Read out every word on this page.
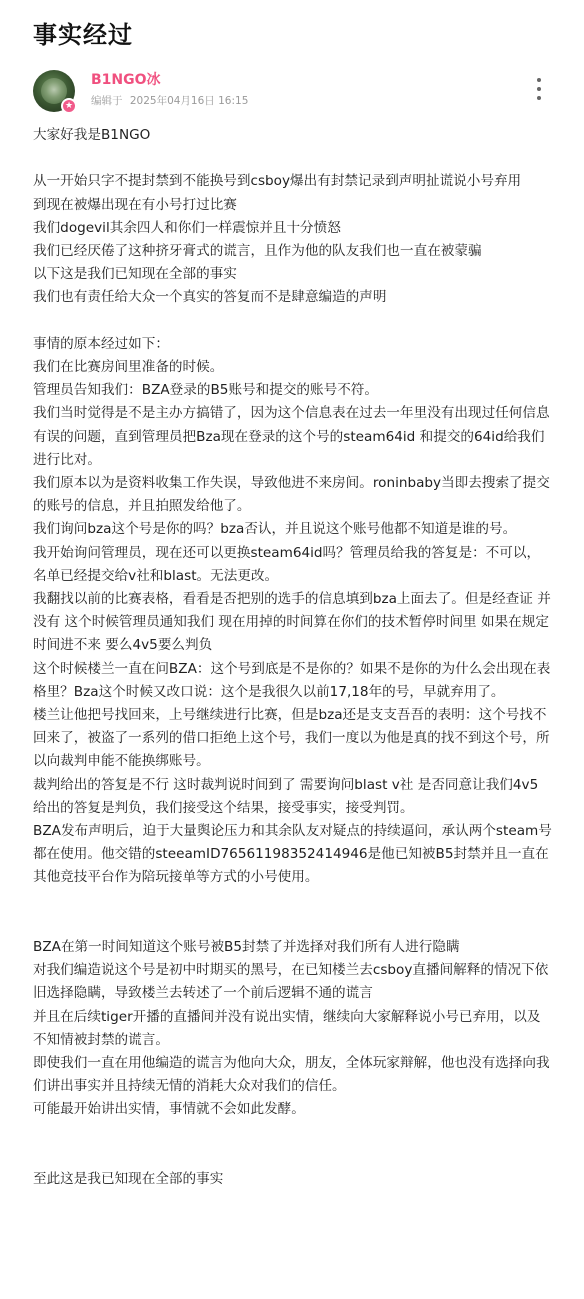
事实经过
★
B1NGO冰
编辑于 2025年04月16日 16:15

大家好我是B1NGO

从一开始只字不提封禁到不能换号到csboy爆出有封禁记录到声明扯谎说小号弃用

到现在被爆出现在有小号打过比赛

我们dogevil其余四人和你们一样震惊并且十分愤怒

我们已经厌倦了这种挤牙膏式的谎言，且作为他的队友我们也一直在被蒙骗

以下这是我们已知现在全部的事实

我们也有责任给大众一个真实的答复而不是肆意编造的声明

事情的原本经过如下：

我们在比赛房间里准备的时候。

管理员告知我们：BZA登录的B5账号和提交的账号不符。

我们当时觉得是不是主办方搞错了，因为这个信息表在过去一年里没有出现过任何信息有误的问题，直到管理员把Bza现在登录的这个号的steam64id 和提交的64id给我们进行比对。

我们原本以为是资料收集工作失误，导致他进不来房间。roninbaby当即去搜索了提交的账号的信息，并且拍照发给他了。

我们询问bza这个号是你的吗？bza否认，并且说这个账号他都不知道是谁的号。

我开始询问管理员，现在还可以更换steam64id吗？管理员给我的答复是：不可以，名单已经提交给v社和blast。无法更改。

我翻找以前的比赛表格，看看是否把别的选手的信息填到bza上面去了。但是经查证 并没有 这个时候管理员通知我们 现在用掉的时间算在你们的技术暂停时间里 如果在规定时间进不来 要么4v5要么判负

这个时候楼兰一直在问BZA：这个号到底是不是你的？如果不是你的为什么会出现在表格里？Bza这个时候又改口说：这个是我很久以前17,18年的号，早就弃用了。

楼兰让他把号找回来，上号继续进行比赛，但是bza还是支支吾吾的表明：这个号找不回来了，被盗了一系列的借口拒绝上这个号，我们一度以为他是真的找不到这个号，所以向裁判申能不能换绑账号。

裁判给出的答复是不行 这时裁判说时间到了 需要询问blast v社 是否同意让我们4v5 给出的答复是判负，我们接受这个结果，接受事实，接受判罚。

BZA发布声明后，迫于大量舆论压力和其余队友对疑点的持续逼问，承认两个steam号都在使用。他交错的steeamID76561198352414946是他已知被B5封禁并且一直在其他竞技平台作为陪玩接单等方式的小号使用。

BZA在第一时间知道这个账号被B5封禁了并选择对我们所有人进行隐瞒

对我们编造说这个号是初中时期买的黑号，在已知楼兰去csboy直播间解释的情况下依旧选择隐瞒，导致楼兰去转述了一个前后逻辑不通的谎言

并且在后续tiger开播的直播间并没有说出实情，继续向大家解释说小号已弃用，以及不知情被封禁的谎言。

即使我们一直在用他编造的谎言为他向大众，朋友，全体玩家辩解，他也没有选择向我们讲出事实并且持续无情的消耗大众对我们的信任。

可能最开始讲出实情，事情就不会如此发酵。

至此这是我已知现在全部的事实
